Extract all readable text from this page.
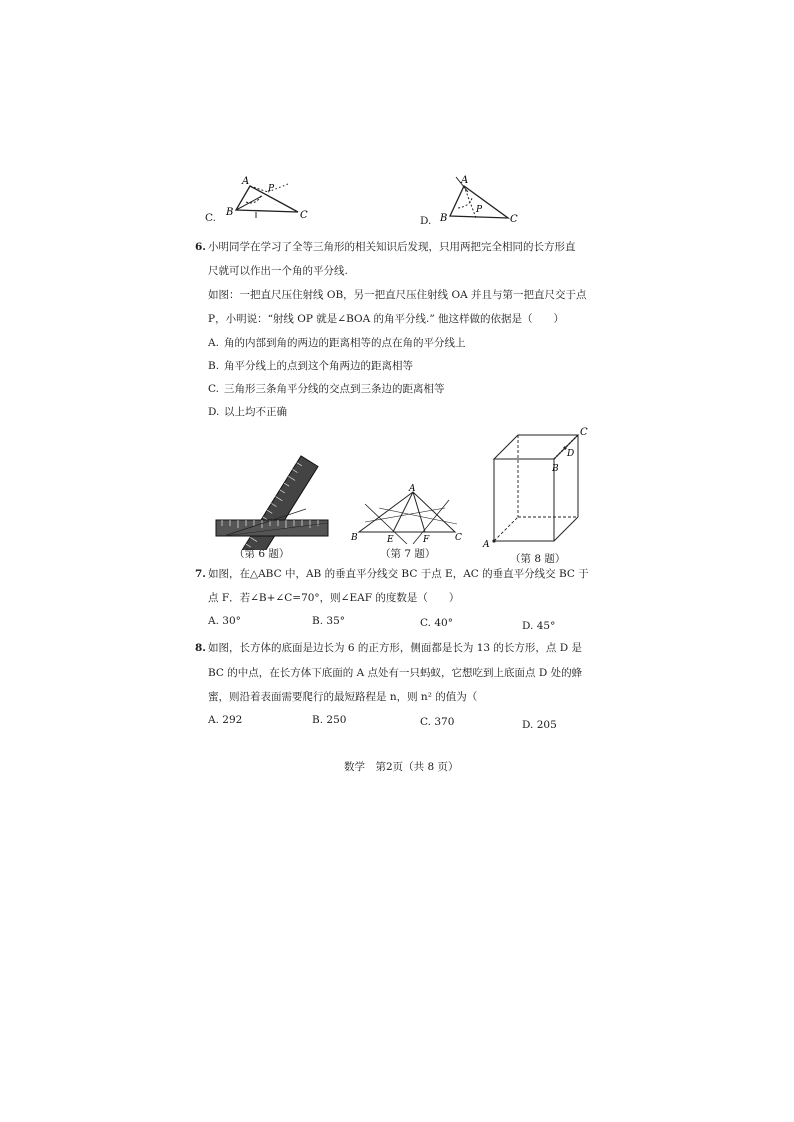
C.
A
P
B	C	D.
A
B
P
C
6. 小明同学在学习了全等三角形的相关知识后发现，只用两把完全相同的长方形直
尺就可以作出一个角的平分线.
如图：一把直尺压住射线 OB，另一把直尺压住射线 OA 并且与第一把直尺交于点
P，小明说：“射线 OP 就是∠BOA 的角平分线.” 他这样做的依据是（　　）
A. 角的内部到角的两边的距离相等的点在角的平分线上
B. 角平分线上的点到这个角两边的距离相等
C. 三角形三条角平分线的交点到三条边的距离相等
D. 以上均不正确
（第 6 题）
A
B	E	F	C
（第 7 题）
C
D
B
A
（第 8 题）
7. 如图，在△ABC 中，AB 的垂直平分线交 BC 于点 E，AC 的垂直平分线交 BC 于
点 F．若∠B+∠C=70°，则∠EAF 的度数是（　　）
A. 30°	B. 35°	C. 40°	D. 45°
8. 如图，长方体的底面是边长为 6 的正方形，侧面都是长为 13 的长方形，点 D 是
BC 的中点，在长方体下底面的 A 点处有一只蚂蚁，它想吃到上底面点 D 处的蜂
蜜，则沿着表面需要爬行的最短路程是 n，则 n² 的值为（
A. 292	B. 250	C. 370	D. 205
数学　第2页（共 8 页）
